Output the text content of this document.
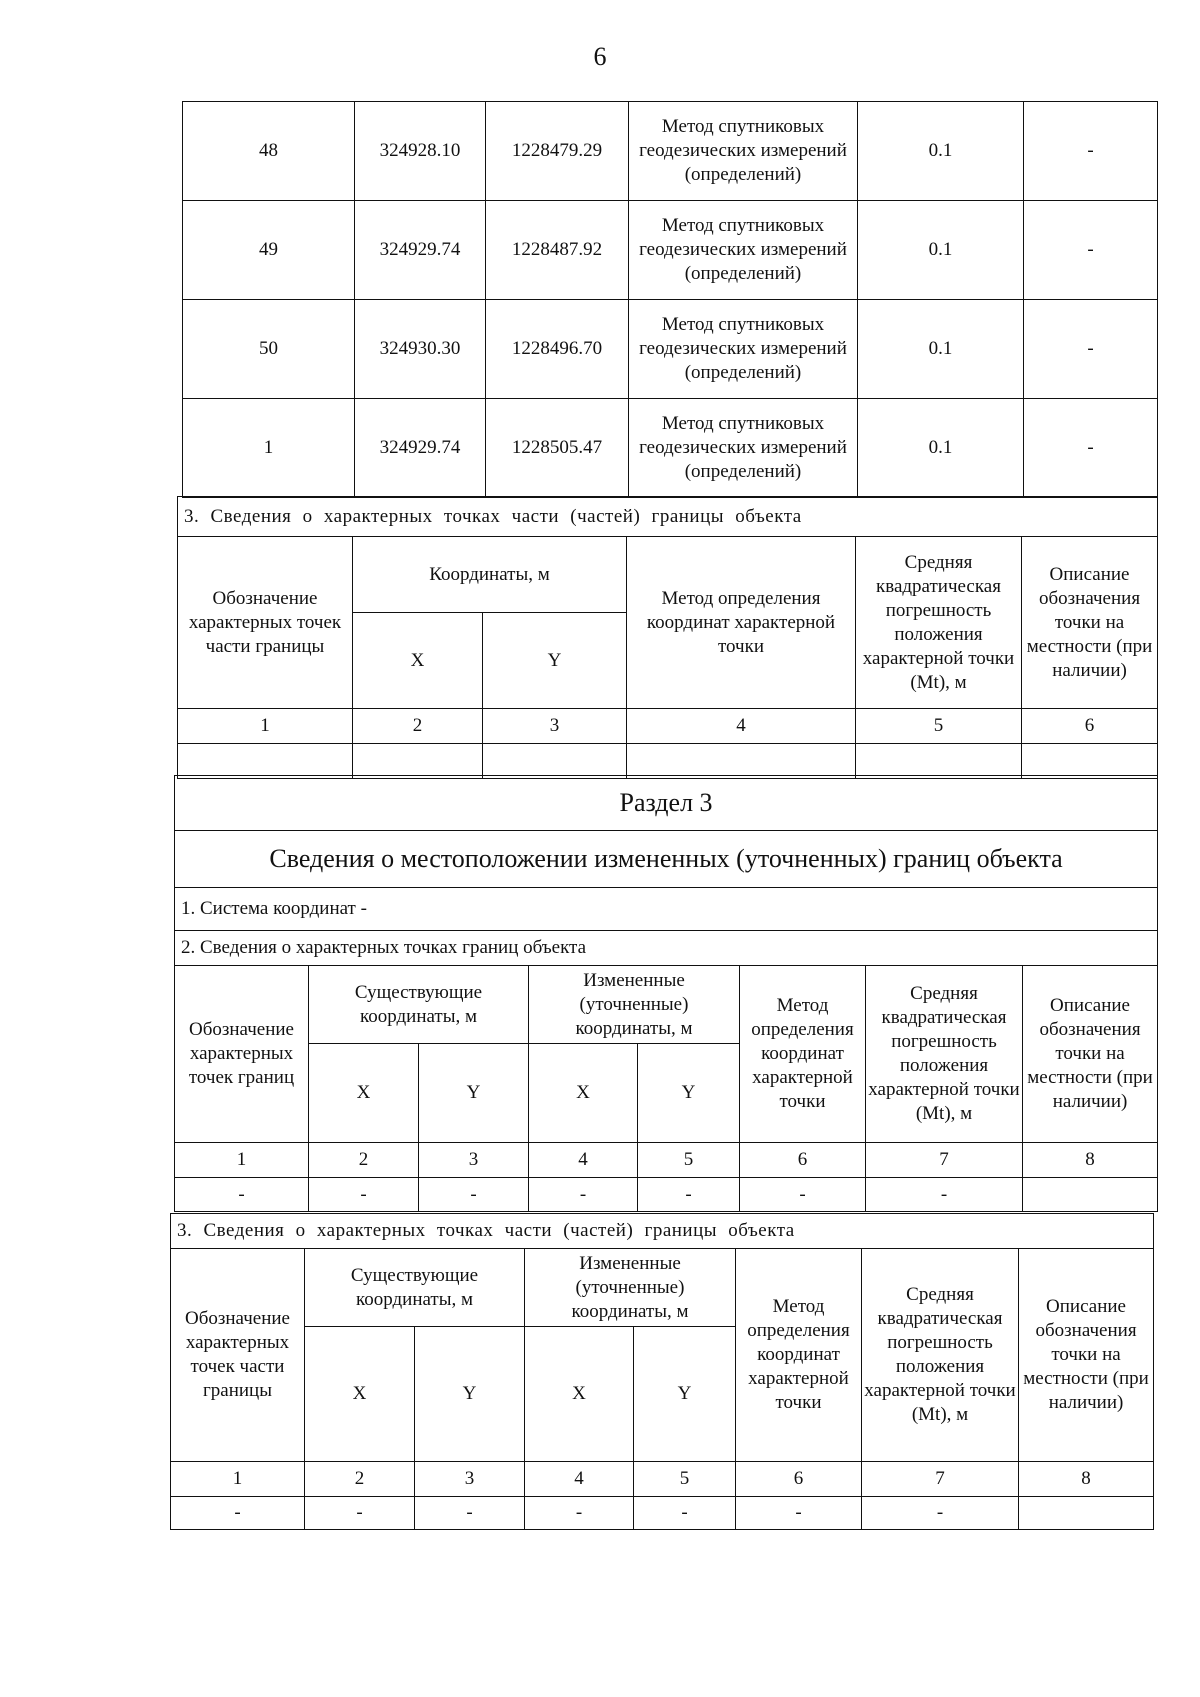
6
48	324928.10	1228479.29	Метод спутниковых геодезических измерений (определений)	0.1	-
49	324929.74	1228487.92	Метод спутниковых геодезических измерений (определений)	0.1	-
50	324930.30	1228496.70	Метод спутниковых геодезических измерений (определений)	0.1	-
1	324929.74	1228505.47	Метод спутниковых геодезических измерений (определений)	0.1	-
3. Сведения о характерных точках части (частей) границы объекта					
Обозначение характерных точек части границы	Координаты, м		Метод определения координат характерной точки	Средняя квадратическая погрешность положения характерной точки (Mt), м	Описание обозначения точки на местности (при наличии)
	X	Y			
1	2	3	4	5	6

Раздел 3							
Сведения о местоположении измененных (уточненных) границ объекта							
1. Система координат -							
2. Сведения о характерных точках границ объекта							
Обозначение характерных точек границ	Существующие координаты, м		Измененные (уточненные) координаты, м		Метод определения координат характерной точки	Средняя квадратическая погрешность положения характерной точки (Mt), м	Описание обозначения точки на местности (при наличии)
	X	Y	X	Y			
1	2	3	4	5	6	7	8
-	-	-	-	-	-	-	
3. Сведения о характерных точках части (частей) границы объекта							
Обозначение характерных точек части границы	Существующие координаты, м		Измененные (уточненные) координаты, м		Метод определения координат характерной точки	Средняя квадратическая погрешность положения характерной точки (Mt), м	Описание обозначения точки на местности (при наличии)
	X	Y	X	Y			
1	2	3	4	5	6	7	8
-	-	-	-	-	-	-	
